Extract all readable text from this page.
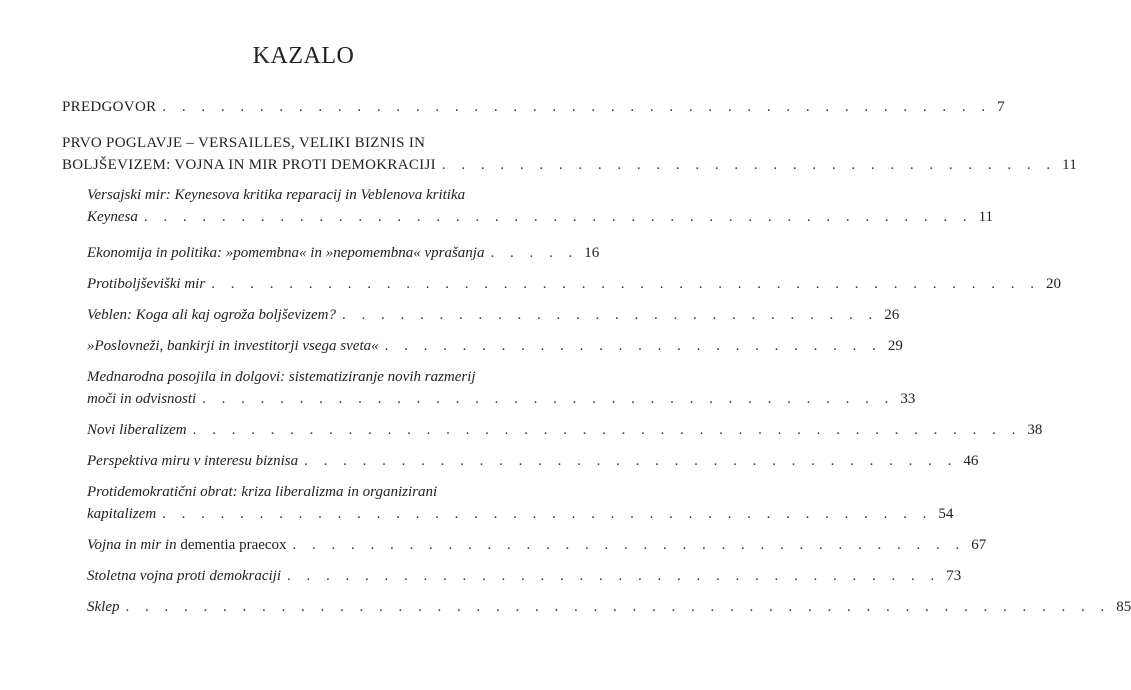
KAZALO
PREDGOVOR . . . . . . . . . . . . . . . . . . . . . . . . . . . . . . . . . . . . . . . . . . . 7
PRVO POGLAVJE – VERSAILLES, VELIKI BIZNIS IN
BOLJŠEVIZEM: VOJNA IN MIR PROTI DEMOKRACIJI . . . . . . . . . . . . . . . . . . . . . . . . . . . . . . . . 11
Versajski mir: Keynesova kritika reparacij in Veblenova kritika
Keynesa . . . . . . . . . . . . . . . . . . . . . . . . . . . . . . . . . . . . . . . . . . . 11
Ekonomija in politika: »pomembna« in »nepomembna« vprašanja . . . . . 16
Protiboljševiški mir . . . . . . . . . . . . . . . . . . . . . . . . . . . . . . . . . . . . . . . . . . . 20
Veblen: Koga ali kaj ogroža boljševizem? . . . . . . . . . . . . . . . . . . . . . . . . . . . . 26
»Poslovneži, bankirji in investitorji vsega sveta« . . . . . . . . . . . . . . . . . . . . . . . . . . 29
Mednarodna posojila in dolgovi: sistematiziranje novih razmerij
moči in odvisnosti . . . . . . . . . . . . . . . . . . . . . . . . . . . . . . . . . . . . 33
Novi liberalizem . . . . . . . . . . . . . . . . . . . . . . . . . . . . . . . . . . . . . . . . . . . 38
Perspektiva miru v interesu biznisa . . . . . . . . . . . . . . . . . . . . . . . . . . . . . . . . . . 46
Protidemokratični obrat: kriza liberalizma in organizirani
kapitalizem . . . . . . . . . . . . . . . . . . . . . . . . . . . . . . . . . . . . . . . . 54
Vojna in mir in dementia praecox . . . . . . . . . . . . . . . . . . . . . . . . . . . . . . . . . . . 67
Stoletna vojna proti demokraciji . . . . . . . . . . . . . . . . . . . . . . . . . . . . . . . . . . 73
Sklep . . . . . . . . . . . . . . . . . . . . . . . . . . . . . . . . . . . . . . . . . . . . . . . . . . . 85
